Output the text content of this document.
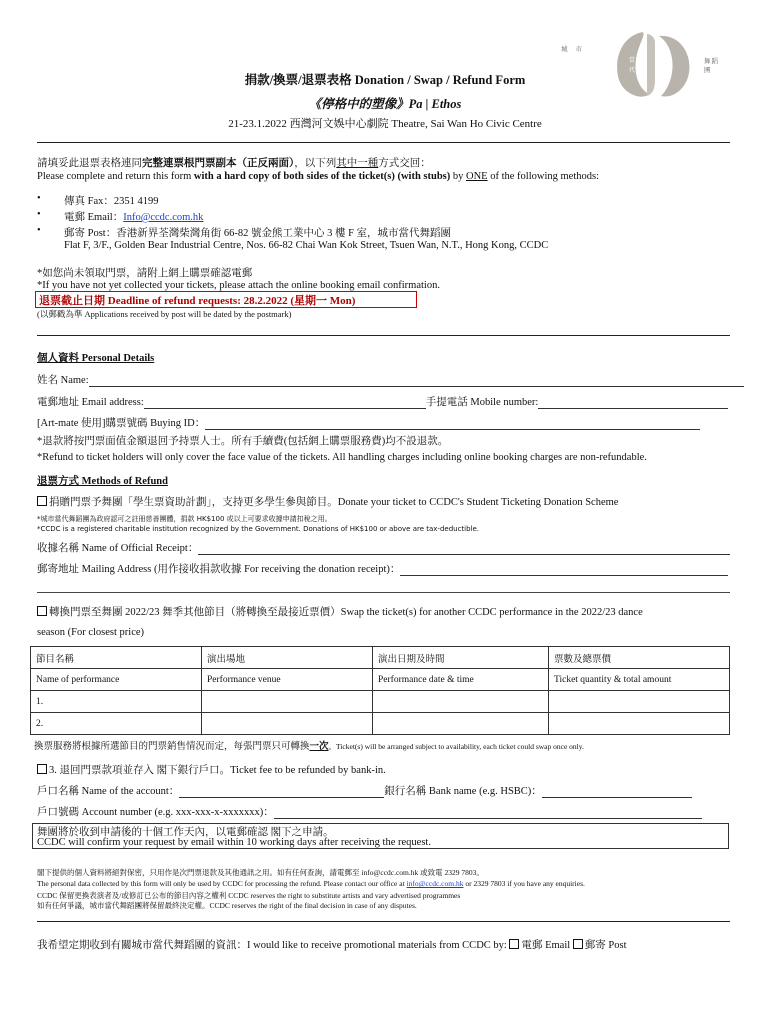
城 市
當代
舞蹈團
捐款/換票/退票表格 Donation / Swap / Refund Form
《停格中的塑像》Pa | Ethos
21-23.1.2022 西灣河文娛中心劇院 Theatre, Sai Wan Ho Civic Centre
請填妥此退票表格連同完整連票根門票副本（正反兩面），以下列其中一種方式交回：
Please complete and return this form with a hard copy of both sides of the ticket(s) (with stubs) by ONE of the following methods:
• 傳真 Fax：2351 4199
• 電郵 Email：Info@ccdc.com.hk
• 郵寄 Post：香港新界荃灣柴灣角街 66-82 號金熊工業中心 3 樓 F 室，城市當代舞蹈團
Flat F, 3/F., Golden Bear Industrial Centre, Nos. 66-82 Chai Wan Kok Street, Tsuen Wan, N.T., Hong Kong, CCDC
*如您尚未領取門票，請附上網上購票確認電郵
*If you have not yet collected your tickets, please attach the online booking email confirmation.
退票截止日期 Deadline of refund requests: 28.2.2022 (星期一 Mon)
(以郵戳為準 Applications received by post will be dated by the postmark)
個人資料 Personal Details
姓名 Name:
電郵地址 Email address:	手提電話 Mobile number:
[Art-mate 使用]購票號碼 Buying ID：
*退款將按門票面值金額退回予持票人士。所有手續費(包括網上購票服務費)均不設退款。
*Refund to ticket holders will only cover the face value of the tickets. All handling charges including online booking charges are non-refundable.
退票方式 Methods of Refund
捐贈門票予舞團「學生票資助計劃」，支持更多學生參與節目。Donate your ticket to CCDC's Student Ticketing Donation Scheme
*城市當代舞蹈團為政府認可之註冊慈善團體，捐款 HK$100 或以上可要求收據申請扣稅之用。
*CCDC is a registered charitable institution recognized by the Government. Donations of HK$100 or above are tax-deductible.
收據名稱 Name of Official Receipt：
郵寄地址 Mailing Address (用作接收捐款收據 For receiving the donation receipt)：
轉換門票至舞團 2022/23 舞季其他節目（將轉換至最接近票價）Swap the ticket(s) for another CCDC performance in the 2022/23 dance
season (For closest price)
節目名稱	演出場地	演出日期及時間	票數及總票價
Name of performance	Performance venue	Performance date & time	Ticket quantity & total amount
1.			
2.			
換票服務將根據所選節目的門票銷售情況而定，每張門票只可轉換一次。Ticket(s) will be arranged subject to availability, each ticket could swap once only.
3. 退回門票款項並存入 閣下銀行戶口。Ticket fee to be refunded by bank-in.
戶口名稱 Name of the account：	銀行名稱 Bank name (e.g. HSBC)：
戶口號碼 Account number (e.g. xxx-xxx-x-xxxxxxx)：
舞團將於收到申請後的十個工作天內，以電郵確認 閣下之申請。
CCDC will confirm your request by email within 10 working days after receiving the request.
閣下提供的個人資料將絕對保密，只用作是次門票退款及其他通訊之用。如有任何查詢，請電郵至 info@ccdc.com.hk 或致電 2329 7803。
The personal data collected by this form will only be used by CCDC for processing the refund. Please contact our office at info@ccdc.com.hk or 2329 7803 if you have any enquiries.
CCDC 保留更換表演者及/或修訂已公布的節目內容之權利 CCDC reserves the right to substitute artists and vary advertised programmes
如有任何爭議，城市當代舞蹈團將保留最終決定權。CCDC reserves the right of the final decision in case of any disputes.
我希望定期收到有關城市當代舞蹈團的資訊：I would like to receive promotional materials from CCDC by: 電郵 Email 郵寄 Post
